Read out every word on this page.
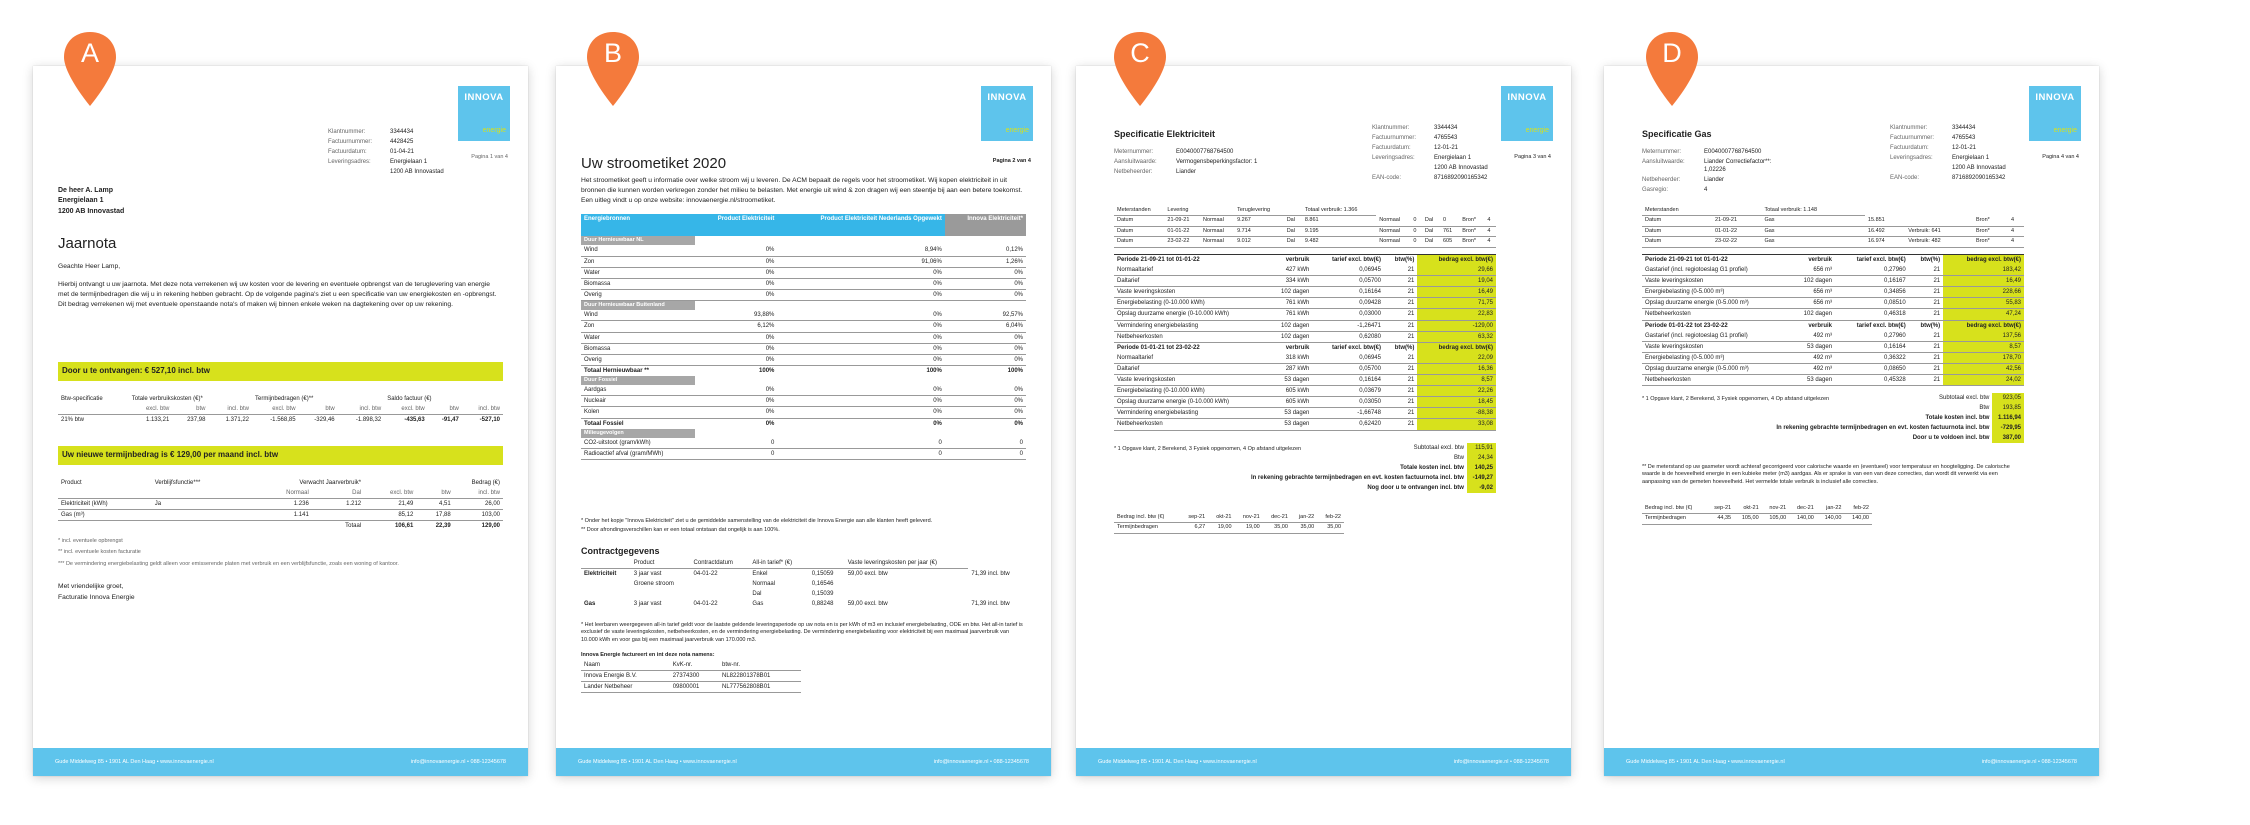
A	B	C	D
INNOVA
energie
Klantnummer:	3344434
Factuurnummer:	4428425
Factuurdatum:	01-04-21
Leveringsadres:	Energielaan 1
1200 AB Innovastad
Pagina 1 van 4
De heer A. Lamp
Energielaan 1
1200 AB Innovastad
Jaarnota
Geachte Heer Lamp,
Hierbij ontvangt u uw jaarnota. Met deze nota verrekenen wij uw kosten voor de levering en eventuele opbrengst van de teruglevering van energie met de termijnbedragen die wij u in rekening hebben gebracht. Op de volgende pagina's ziet u een specificatie van uw energiekosten en -opbrengst. Dit bedrag verrekenen wij met eventuele openstaande nota's of maken wij binnen enkele weken na dagtekening over op uw rekening.
Door u te ontvangen: € 527,10 incl. btw
Btw-specificatie	Totale verbruikskosten (€)*			Termijnbedragen (€)**			Saldo factuur (€)		
	excl. btw	btw	incl. btw	excl. btw	btw	incl. btw	excl. btw	btw	incl. btw
21% btw	1.133,21	237,98	1.371,22	-1.568,85	-329,46	-1.898,32	-435,63	-91,47	-527,10
Uw nieuwe termijnbedrag is € 129,00 per maand incl. btw
Product	Verblijfsfunctie***	Verwacht Jaarverbruik*		Bedrag (€)		
		Normaal	Dal	excl. btw	btw	incl. btw
Elektriciteit (kWh)	Ja	1.236	1.212	21,49	4,51	26,00
Gas (m³)		1.141		85,12	17,88	103,00
			Totaal	106,61	22,39	129,00
* incl. eventuele opbrengst
** incl. eventuele kosten facturatie
*** De vermindering energiebelasting geldt alleen voor emisserende platen met verbruik en een verblijfsfunctie, zoals een woning of kantoor.
Met vriendelijke groet,
Facturatie Innova Energie
Gude Middelweg 85 • 1901 AL Den Haag • www.innovaenergie.nl	info@innovaenergie.nl • 088-12345678
INNOVA
energie
Uw stroometiket 2020	Pagina 2 van 4
Het stroometiket geeft u informatie over welke stroom wij u leveren. De ACM bepaalt de regels voor het stroometiket. Wij kopen elektriciteit in uit bronnen die kunnen worden verkregen zonder het milieu te belasten. Met energie uit wind & zon dragen wij een steentje bij aan een betere toekomst. Een uitleg vindt u op onze website: innovaenergie.nl/stroometiket.
Energiebronnen	Product Elektriciteit	Product Elektriciteit Nederlands Opgewekt	Innova Elektriciteit*
Duur Hernieuwbaar NL			
Wind	0%	8,94%	0,12%
Zon	0%	91,06%	1,26%
Water	0%	0%	0%
Biomassa	0%	0%	0%
Overig	0%	0%	0%
Duur Hernieuwbaar Buitenland			
Wind	93,88%	0%	92,57%
Zon	6,12%	0%	6,04%
Water	0%	0%	0%
Biomassa	0%	0%	0%
Overig	0%	0%	0%
Totaal Hernieuwbaar **	100%	100%	100%
Duur Fossiel			
Aardgas	0%	0%	0%
Nucleair	0%	0%	0%
Kolen	0%	0%	0%
Totaal Fossiel	0%	0%	0%
Milieugevolgen			
CO2-uitstoot (gram/kWh)	0	0	0
Radioactief afval (gram/MWh)	0	0	0
* Onder het kopje "Innova Elektriciteit" ziet u de gemiddelde samenstelling van de elektriciteit die Innova Energie aan alle klanten heeft geleverd.
** Door afrondingsverschillen kan er een totaal ontstaan dat ongelijk is aan 100%.
Contractgegevens
	Product	Contractdatum	All-in tarief* (€)		Vaste leveringskosten per jaar (€)	
Elektriciteit	3 jaar vast	04-01-22	Enkel	0,15059	59,00 excl. btw	71,39 incl. btw
	Groene stroom		Normaal	0,16546		
			Dal	0,15039		
Gas	3 jaar vast	04-01-22	Gas	0,88248	59,00 excl. btw	71,39 incl. btw
* Het leerbaren weergegeven all-in tarief geldt voor de laatste geldende leveringsperiode op uw nota en is per kWh of m3 en inclusief energiebelasting, ODE en btw. Het all-in tarief is exclusief de vaste leveringskosten, netbeheerkosten, en de vermindering energiebelasting. De vermindering energiebelasting voor elektriciteit bij een maximaal jaarverbruik van 10.000 kWh en voor gas bij een maximaal jaarverbruik van 170.000 m3.
Innova Energie factureert en int deze nota namens:
Naam	KvK-nr.	btw-nr.
Innova Energie B.V.	27374300	NL822801378B01
Lander Netbeheer	09800001	NL777562808B01
Gude Middelweg 85 • 1901 AL Den Haag • www.innovaenergie.nl	info@innovaenergie.nl • 088-12345678
INNOVA
energie
Specificatie Elektriciteit
Meternummer:	E0040007768764500
Aansluitwaarde:	Vermogensbeperkingsfactor: 1
Netbeheerder:	Liander
Klantnummer:	3344434
Factuurnummer:	4765543
Factuurdatum:	12-01-21
Leveringsadres:	Energielaan 1
1200 AB Innovastad
EAN-code:	8716892090165342
Pagina 3 van 4
Meterstanden	Levering		Teruglevering		Totaal verbruik: 1.366						
Datum	21-09-21	Normaal	9.267	Dal	8.861	Normaal	0	Dal	0	Bron*	4
Datum	01-01-22	Normaal	9.714	Dal	9.195	Normaal	0	Dal	761	Bron*	4
Datum	23-02-22	Normaal	9.012	Dal	9.482	Normaal	0	Dal	605	Bron*	4
Periode 21-09-21 tot 01-01-22	verbruik	tarief excl. btw(€)	btw(%)	bedrag excl. btw(€)
Normaaltarief	427 kWh	0,06945	21	29,66
Daltarief	334 kWh	0,05700	21	19,04
Vaste leveringskosten	102 dagen	0,16164	21	16,49
Energiebelasting (0-10.000 kWh)	761 kWh	0,09428	21	71,75
Opslag duurzame energie (0-10.000 kWh)	761 kWh	0,03000	21	22,83
Vermindering energiebelasting	102 dagen	-1,26471	21	-129,00
Netbeheerkosten	102 dagen	0,62080	21	63,32
Periode 01-01-21 tot 23-02-22	verbruik	tarief excl. btw(€)	btw(%)	bedrag excl. btw(€)
Normaaltarief	318 kWh	0,06945	21	22,09
Daltarief	287 kWh	0,05700	21	16,36
Vaste leveringskosten	53 dagen	0,16164	21	8,57
Energiebelasting (0-10.000 kWh)	605 kWh	0,03679	21	22,26
Opslag duurzame energie (0-10.000 kWh)	605 kWh	0,03050	21	18,45
Vermindering energiebelasting	53 dagen	-1,66748	21	-88,38
Netbeheerkosten	53 dagen	0,62420	21	33,08
* 1 Opgave klant, 2 Berekend, 3 Fysiek opgenomen, 4 Op afstand uitgelezen	Subtotaal excl. btw	115,91
Btw	24,34
Totale kosten incl. btw	140,25
In rekening gebrachte termijnbedragen en evt. kosten factuurnota incl. btw	-149,27
Nog door u te ontvangen incl. btw	-9,02
Bedrag incl. btw (€)	sep-21	okt-21	nov-21	dec-21	jan-22	feb-22
Termijnbedragen	6,27	19,00	19,00	35,00	35,00	35,00
Gude Middelweg 85 • 1901 AL Den Haag • www.innovaenergie.nl	info@innovaenergie.nl • 088-12345678
INNOVA
energie
Specificatie Gas
Meternummer:	E0040007768764500
Aansluitwaarde:	Liander Correctiefactor**: 1,02226
Netbeheerder:	Liander
Gasregio:	4
Klantnummer:	3344434
Factuurnummer:	4765543
Factuurdatum:	12-01-21
Leveringsadres:	Energielaan 1
1200 AB Innovastad
EAN-code:	8716892090165342
Pagina 4 van 4
Meterstanden		Totaal verbruik: 1.148				
Datum	21-09-21	Gas	15.851		Bron*	4
Datum	01-01-22	Gas	16.492	Verbruik: 641	Bron*	4
Datum	23-02-22	Gas	16.974	Verbruik: 482	Bron*	4
Periode 21-09-21 tot 01-01-22	verbruik	tarief excl. btw(€)	btw(%)	bedrag excl. btw(€)
Gastarief (incl. regiotoeslag G1 profiel)	656 m³	0,27960	21	183,42
Vaste leveringskosten	102 dagen	0,16167	21	16,49
Energiebelasting (0-5.000 m³)	656 m³	0,34856	21	228,66
Opslag duurzame energie (0-5.000 m³)	656 m³	0,08510	21	55,83
Netbeheerkosten	102 dagen	0,46318	21	47,24
Periode 01-01-22 tot 23-02-22	verbruik	tarief excl. btw(€)	btw(%)	bedrag excl. btw(€)
Gastarief (incl. regiotoeslag G1 profiel)	492 m³	0,27960	21	137,56
Vaste leveringskosten	53 dagen	0,16164	21	8,57
Energiebelasting (0-5.000 m³)	492 m³	0,36322	21	178,70
Opslag duurzame energie (0-5.000 m³)	492 m³	0,08650	21	42,56
Netbeheerkosten	53 dagen	0,45328	21	24,02
* 1 Opgave klant, 2 Berekend, 3 Fysiek opgenomen, 4 Op afstand uitgelezen	Subtotaal excl. btw	923,05
Btw	193,85
Totale kosten incl. btw	1.116,94
In rekening gebrachte termijnbedragen en evt. kosten factuurnota incl. btw	-729,95
Door u te voldoen incl. btw	387,00
** De meterstand op uw gasmeter wordt achteraf gecorrigeerd voor calorische waarde en (eventueel) voor temperatuur en hoogteligging. De calorische waarde is de hoeveelheid energie in een kubieke meter (m3) aardgas. Als er sprake is van een van deze correcties, dan wordt dit verwerkt via een aanpassing van de gemeten hoeveelheid. Het vermelde totale verbruik is inclusief alle correcties.
Bedrag incl. btw (€)	sep-21	okt-21	nov-21	dec-21	jan-22	feb-22
Termijnbedragen	44,35	105,00	105,00	140,00	140,00	140,00
Gude Middelweg 85 • 1901 AL Den Haag • www.innovaenergie.nl	info@innovaenergie.nl • 088-12345678
